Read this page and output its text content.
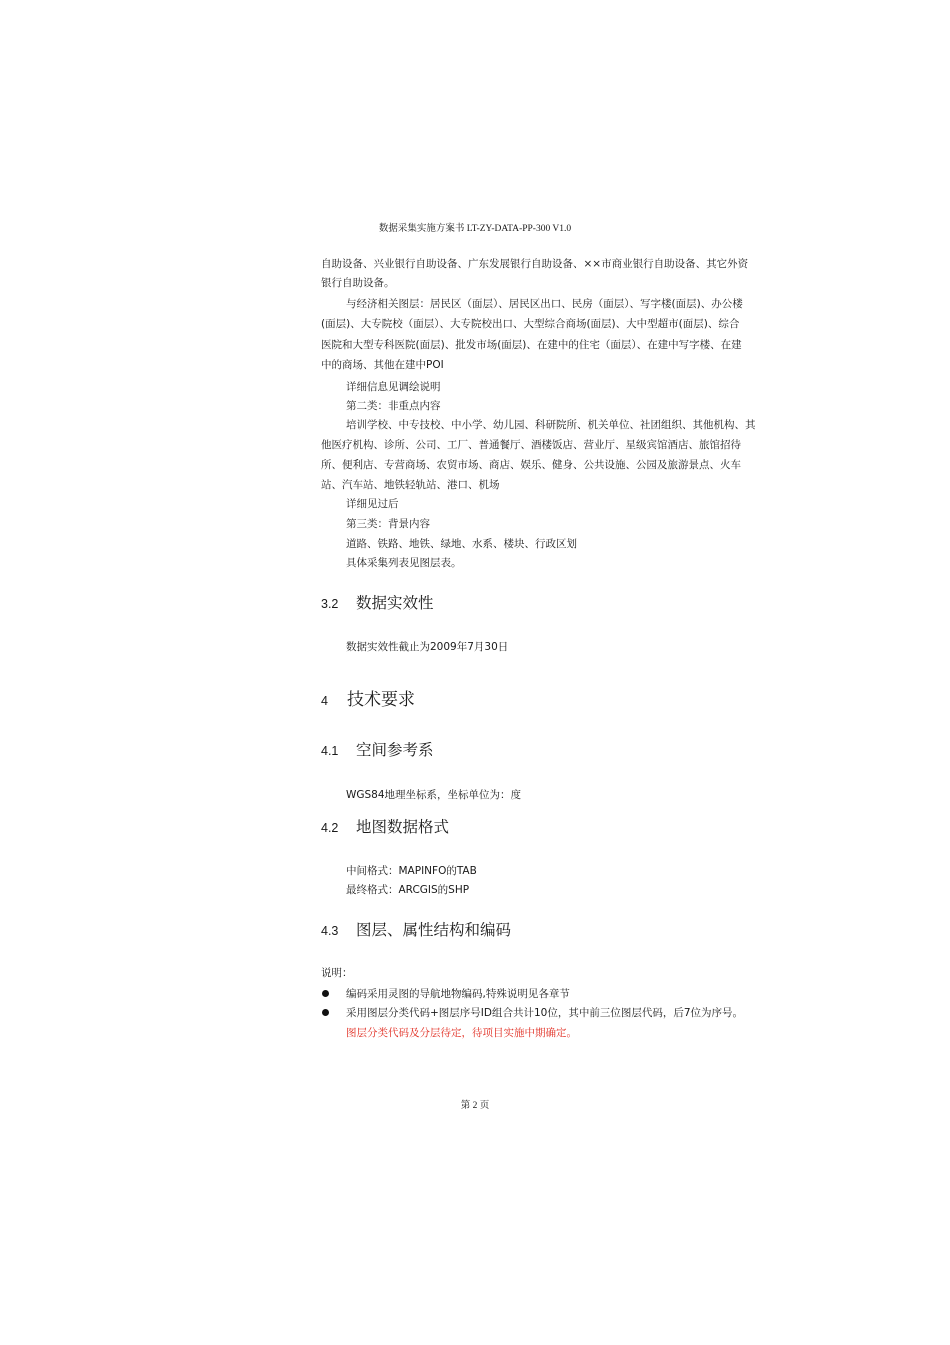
数据采集实施方案书 LT-ZY-DATA-PP-300 V1.0
自助设备、兴业银行自助设备、广东发展银行自助设备、××市商业银行自助设备、其它外资
银行自助设备。
与经济相关图层：居民区（面层）、居民区出口、民房（面层）、写字楼(面层)、办公楼
(面层)、大专院校（面层）、大专院校出口、大型综合商场(面层)、大中型超市(面层)、综合
医院和大型专科医院(面层)、批发市场(面层)、在建中的住宅（面层）、在建中写字楼、在建
中的商场、其他在建中POI
详细信息见调绘说明
第二类：非重点内容
培训学校、中专技校、中小学、幼儿园、科研院所、机关单位、社团组织、其他机构、其
他医疗机构、诊所、公司、工厂、普通餐厅、酒楼饭店、营业厅、星级宾馆酒店、旅馆招待
所、便利店、专营商场、农贸市场、商店、娱乐、健身、公共设施、公园及旅游景点、火车
站、汽车站、地铁轻轨站、港口、机场
详细见过后
第三类：背景内容
道路、铁路、地铁、绿地、水系、楼块、行政区划
具体采集列表见图层表。
3.2 数据实效性
数据实效性截止为2009年7月30日
4 技术要求
4.1 空间参考系
WGS84地理坐标系，坐标单位为：度
4.2 地图数据格式
中间格式：MAPINFO的TAB
最终格式：ARCGIS的SHP
4.3 图层、属性结构和编码
说明：
编码采用灵图的导航地物编码,特殊说明见各章节
采用图层分类代码+图层序号ID组合共计10位，其中前三位图层代码，后7位为序号。
图层分类代码及分层待定，待项目实施中期确定。
第 2 页
